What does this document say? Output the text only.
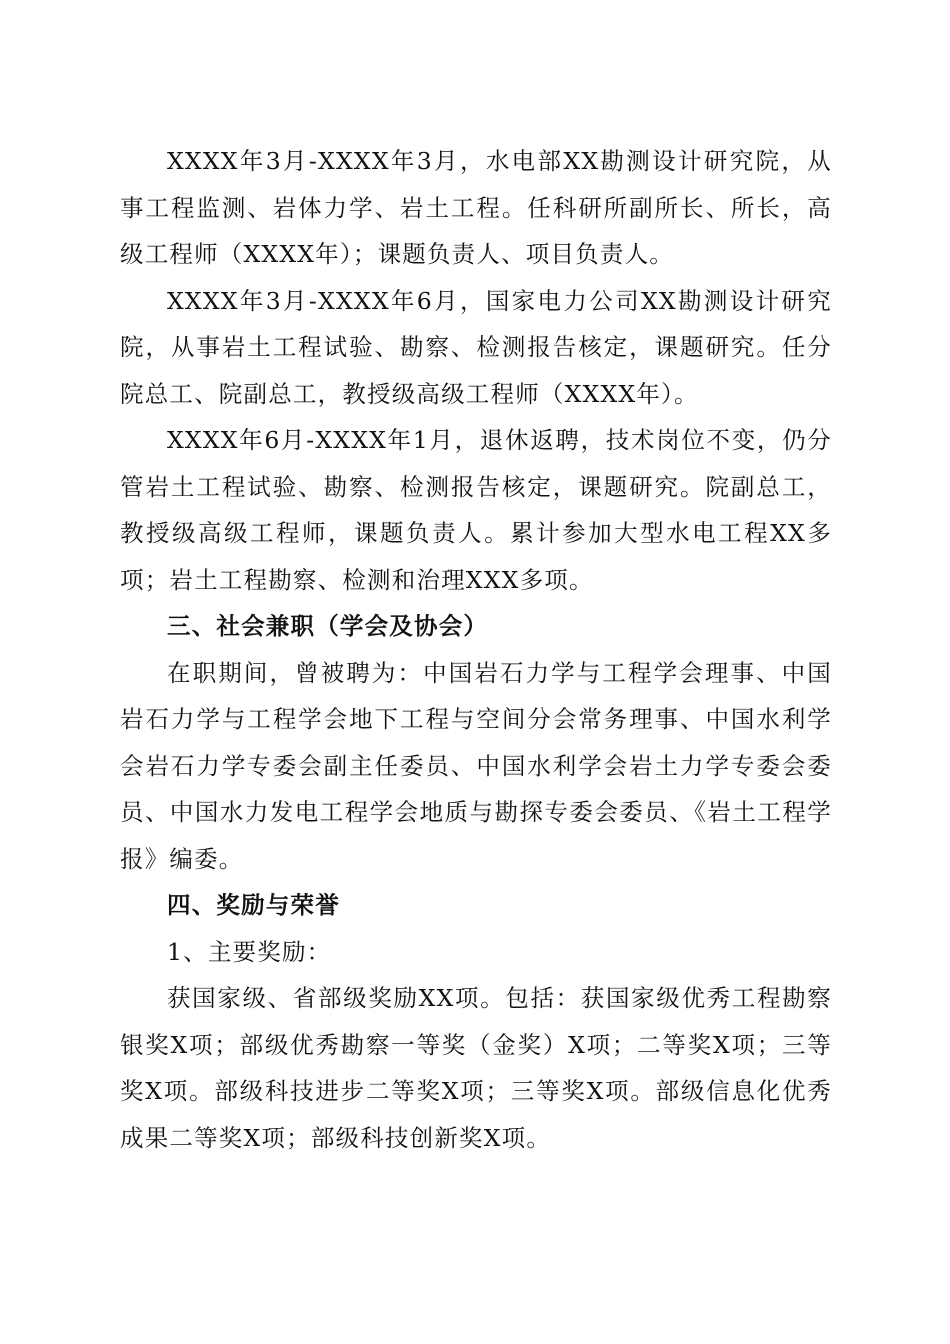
XXXX年3月-XXXX年3月，水电部XX勘测设计研究院，从事工程监测、岩体力学、岩土工程。任科研所副所长、所长，高级工程师（XXXX年）；课题负责人、项目负责人。

XXXX年3月-XXXX年6月，国家电力公司XX勘测设计研究院，从事岩土工程试验、勘察、检测报告核定，课题研究。任分院总工、院副总工，教授级高级工程师（XXXX年）。

XXXX年6月-XXXX年1月，退休返聘，技术岗位不变，仍分管岩土工程试验、勘察、检测报告核定，课题研究。院副总工，教授级高级工程师，课题负责人。累计参加大型水电工程XX多项；岩土工程勘察、检测和治理XXX多项。

三、社会兼职（学会及协会）

在职期间，曾被聘为：中国岩石力学与工程学会理事、中国岩石力学与工程学会地下工程与空间分会常务理事、中国水利学会岩石力学专委会副主任委员、中国水利学会岩土力学专委会委员、中国水力发电工程学会地质与勘探专委会委员、《岩土工程学报》编委。

四、奖励与荣誉

1、主要奖励：

获国家级、省部级奖励XX项。包括：获国家级优秀工程勘察银奖X项；部级优秀勘察一等奖（金奖）X项；二等奖X项；三等奖X项。部级科技进步二等奖X项；三等奖X项。部级信息化优秀成果二等奖X项；部级科技创新奖X项。
